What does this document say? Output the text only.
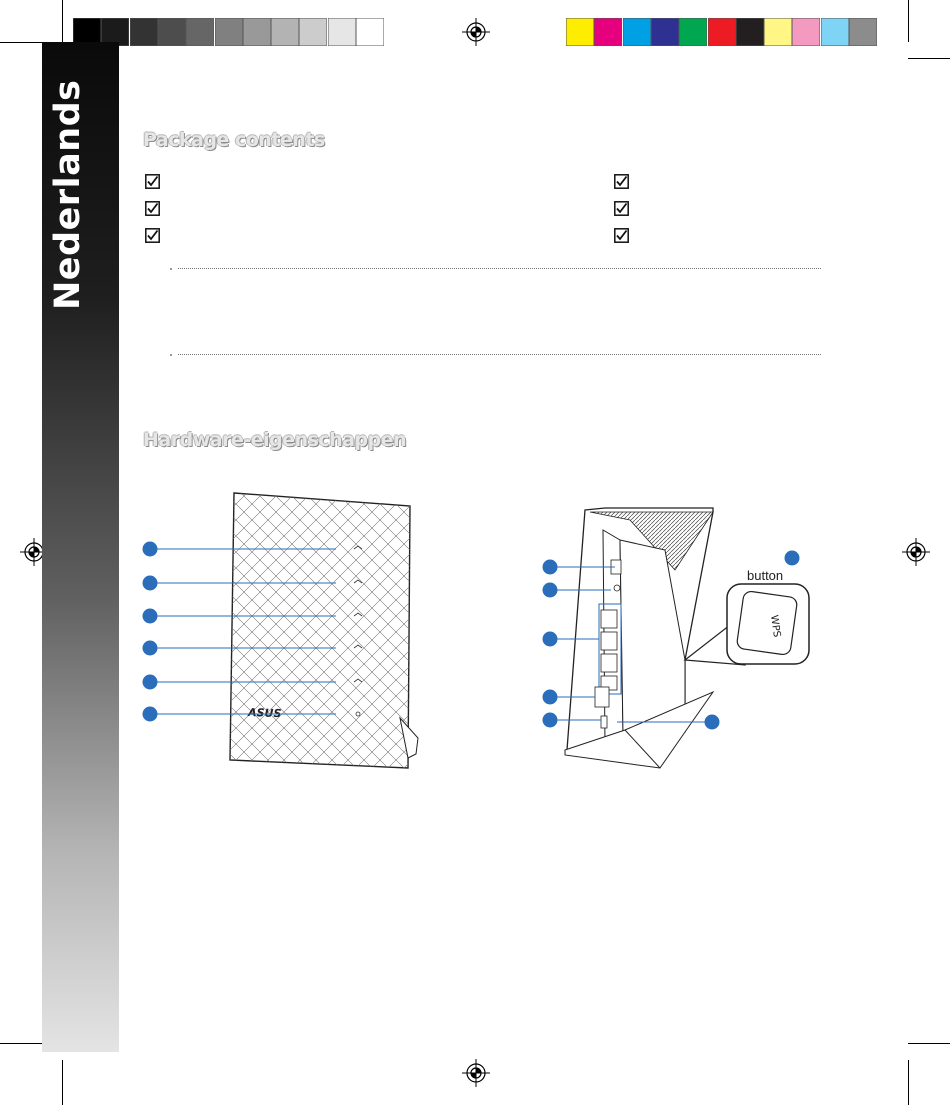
Nederlands	Package contents
Hardware-eigenschappen
ASUS
WPS
button
